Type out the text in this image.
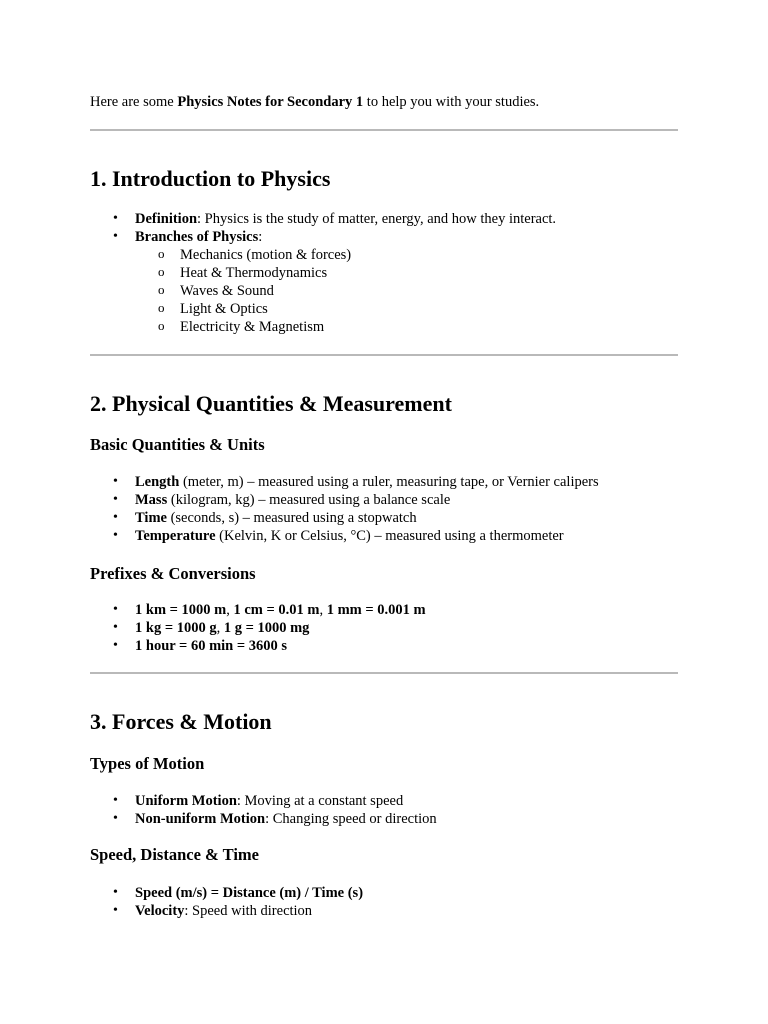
Here are some Physics Notes for Secondary 1 to help you with your studies.

1. Introduction to Physics
• Definition: Physics is the study of matter, energy, and how they interact.
• Branches of Physics:
o Mechanics (motion & forces)
o Heat & Thermodynamics
o Waves & Sound
o Light & Optics
o Electricity & Magnetism
2. Physical Quantities & Measurement
Basic Quantities & Units
• Length (meter, m) – measured using a ruler, measuring tape, or Vernier calipers
• Mass (kilogram, kg) – measured using a balance scale
• Time (seconds, s) – measured using a stopwatch
• Temperature (Kelvin, K or Celsius, °C) – measured using a thermometer
Prefixes & Conversions
• 1 km = 1000 m, 1 cm = 0.01 m, 1 mm = 0.001 m
• 1 kg = 1000 g, 1 g = 1000 mg
• 1 hour = 60 min = 3600 s
3. Forces & Motion
Types of Motion
• Uniform Motion: Moving at a constant speed
• Non-uniform Motion: Changing speed or direction
Speed, Distance & Time
• Speed (m/s) = Distance (m) / Time (s)
• Velocity: Speed with direction
